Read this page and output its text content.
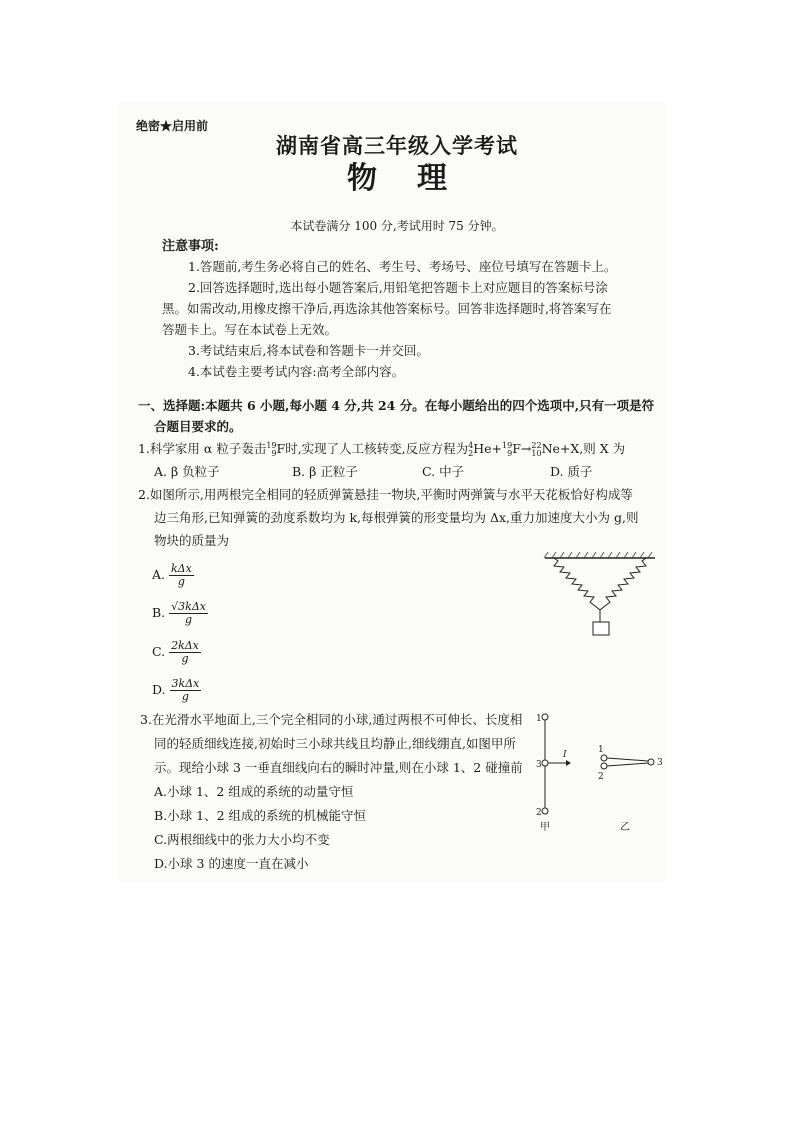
绝密★启用前
湖南省高三年级入学考试
物理
本试卷满分 100 分,考试用时 75 分钟。
注意事项:
1.答题前,考生务必将自己的姓名、考生号、考场号、座位号填写在答题卡上。
2.回答选择题时,选出每小题答案后,用铅笔把答题卡上对应题目的答案标号涂
黑。如需改动,用橡皮擦干净后,再选涂其他答案标号。回答非选择题时,将答案写在
答题卡上。写在本试卷上无效。
3.考试结束后,将本试卷和答题卡一并交回。
4.本试卷主要考试内容:高考全部内容。
一、选择题:本题共 6 小题,每小题 4 分,共 24 分。在每小题给出的四个选项中,只有一项是符
合题目要求的。
1.科学家用 α 粒子轰击 19
9 F时,实现了人工核转变,反应方程为 4
2 He+ 19
9 F→ 22
10 Ne+X,则 X 为
A. β 负粒子	B. β 正粒子	C. 中子	D. 质子
2.如图所示,用两根完全相同的轻质弹簧悬挂一物块,平衡时两弹簧与水平天花板恰好构成等
边三角形,已知弹簧的劲度系数均为 k,每根弹簧的形变量均为 Δx,重力加速度大小为 g,则
物块的质量为
A. $\frac{\text{kΔx}}{g}$
B. $\frac{\text{√3kΔx}}{g}$
C. $\frac{\text{2kΔx}}{g}$
D. $\frac{\text{3kΔx}}{g}$
3.在光滑水平地面上,三个完全相同的小球,通过两根不可伸长、长度相
同的轻质细线连接,初始时三小球共线且均静止,细线绷直,如图甲所
示。现给小球 3 一垂直细线向右的瞬时冲量,则在小球 1、2 碰撞前
A.小球 1、2 组成的系统的动量守恒
B.小球 1、2 组成的系统的机械能守恒
C.两根细线中的张力大小均不变
D.小球 3 的速度一直在减小
1
3
2
I
甲
1
2
3
乙
